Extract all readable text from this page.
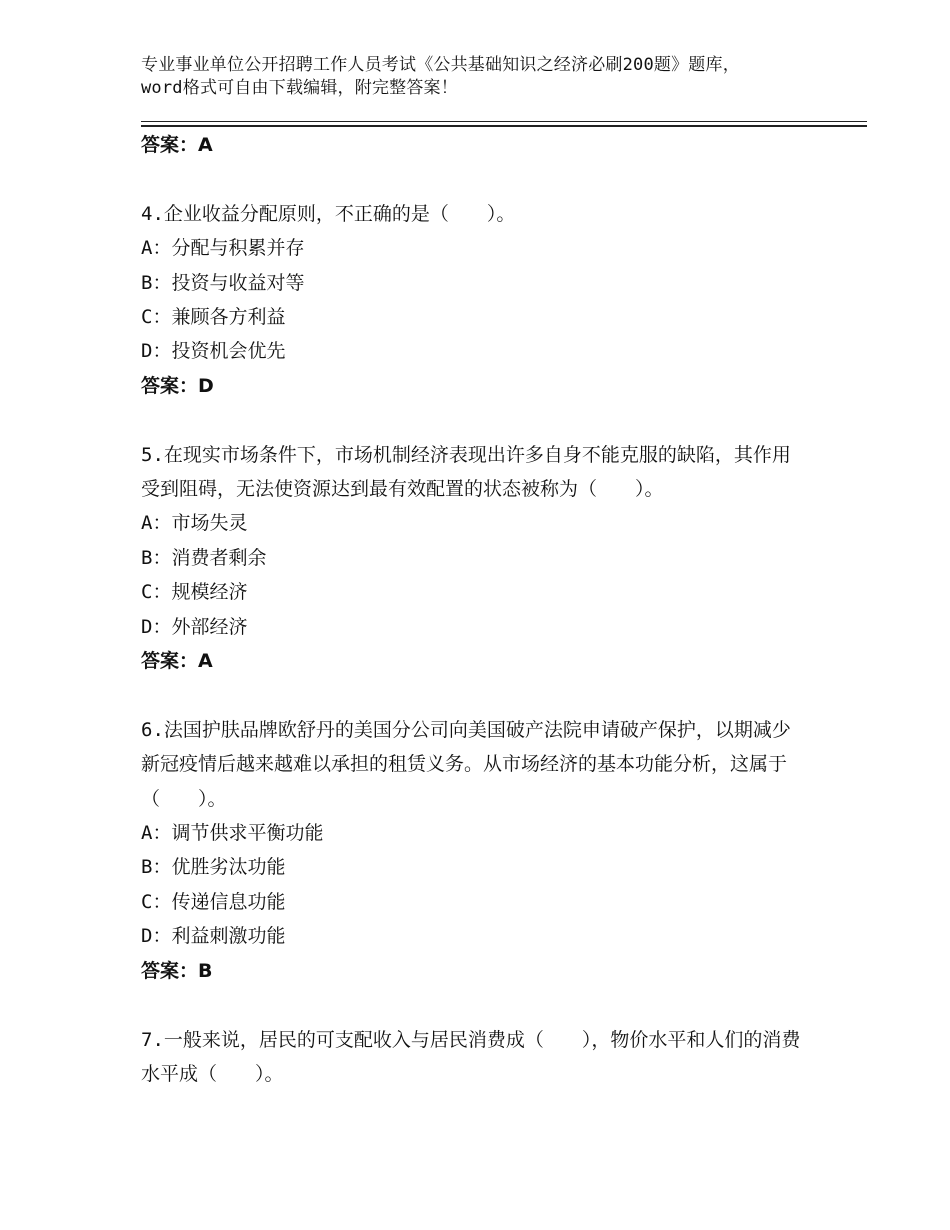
专业事业单位公开招聘工作人员考试《公共基础知识之经济必刷200题》题库，word格式可自由下载编辑，附完整答案！
答案：A
4.企业收益分配原则，不正确的是（　　）。
A：分配与积累并存
B：投资与收益对等
C：兼顾各方利益
D：投资机会优先
答案：D
5.在现实市场条件下，市场机制经济表现出许多自身不能克服的缺陷，其作用受到阻碍，无法使资源达到最有效配置的状态被称为（　　）。
A：市场失灵
B：消费者剩余
C：规模经济
D：外部经济
答案：A
6.法国护肤品牌欧舒丹的美国分公司向美国破产法院申请破产保护，以期减少新冠疫情后越来越难以承担的租赁义务。从市场经济的基本功能分析，这属于（　　）。
A：调节供求平衡功能
B：优胜劣汰功能
C：传递信息功能
D：利益刺激功能
答案：B
7.一般来说，居民的可支配收入与居民消费成（　　），物价水平和人们的消费水平成（　　）。
